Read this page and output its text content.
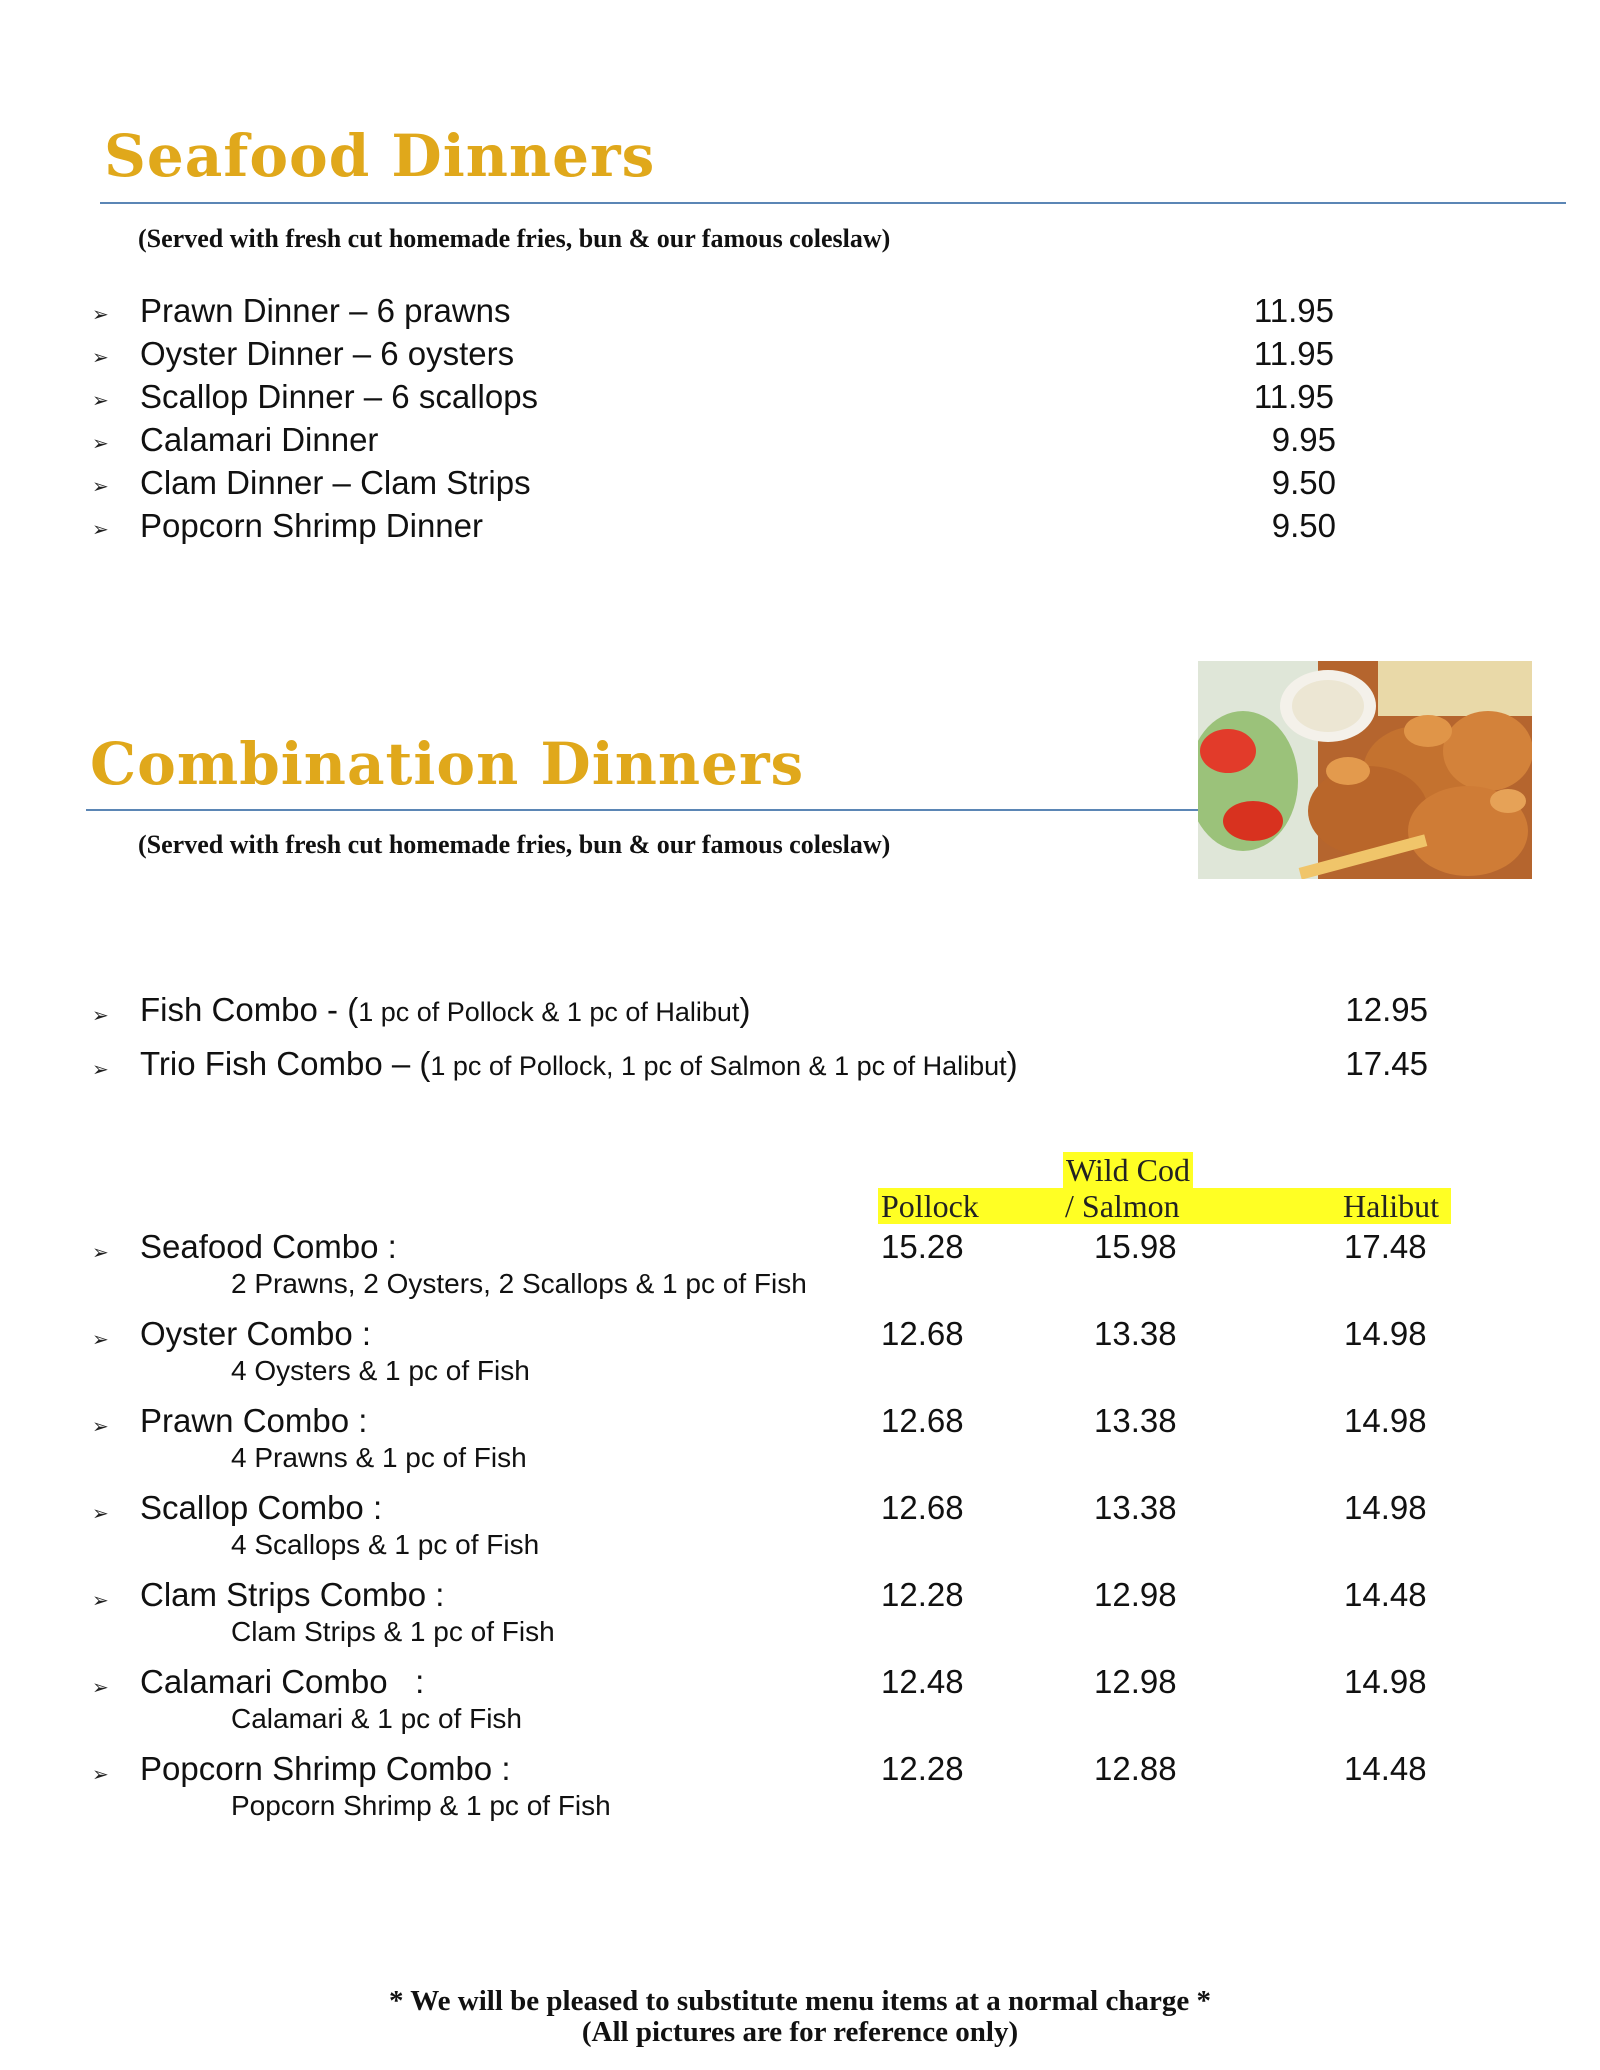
Seafood Dinners
(Served with fresh cut homemade fries, bun & our famous coleslaw)
➢ Prawn Dinner – 6 prawns	11.95
➢ Oyster Dinner – 6 oysters	11.95
➢ Scallop Dinner – 6 scallops	11.95
➢ Calamari Dinner	9.95
➢ Clam Dinner – Clam Strips	9.50
➢ Popcorn Shrimp Dinner	9.50
Combination Dinners
(Served with fresh cut homemade fries, bun & our famous coleslaw)
➢ Fish Combo - (1 pc of Pollock & 1 pc of Halibut)	12.95
➢ Trio Fish Combo – (1 pc of Pollock, 1 pc of Salmon & 1 pc of Halibut)	17.45
Wild Cod
Pollock	/ Salmon	Halibut
➢ Seafood Combo :
2 Prawns, 2 Oysters, 2 Scallops & 1 pc of Fish
15.28	15.98	17.48
➢ Oyster Combo :
4 Oysters & 1 pc of Fish
12.68	13.38	14.98
➢ Prawn Combo :
4 Prawns & 1 pc of Fish
12.68	13.38	14.98
➢ Scallop Combo :
4 Scallops & 1 pc of Fish
12.68	13.38	14.98
➢ Clam Strips Combo :
Clam Strips & 1 pc of Fish
12.28	12.98	14.48
➢ Calamari Combo   :
Calamari & 1 pc of Fish
12.48	12.98	14.98
➢ Popcorn Shrimp Combo :
Popcorn Shrimp & 1 pc of Fish
12.28	12.88	14.48
* We will be pleased to substitute menu items at a normal charge *
(All pictures are for reference only)
